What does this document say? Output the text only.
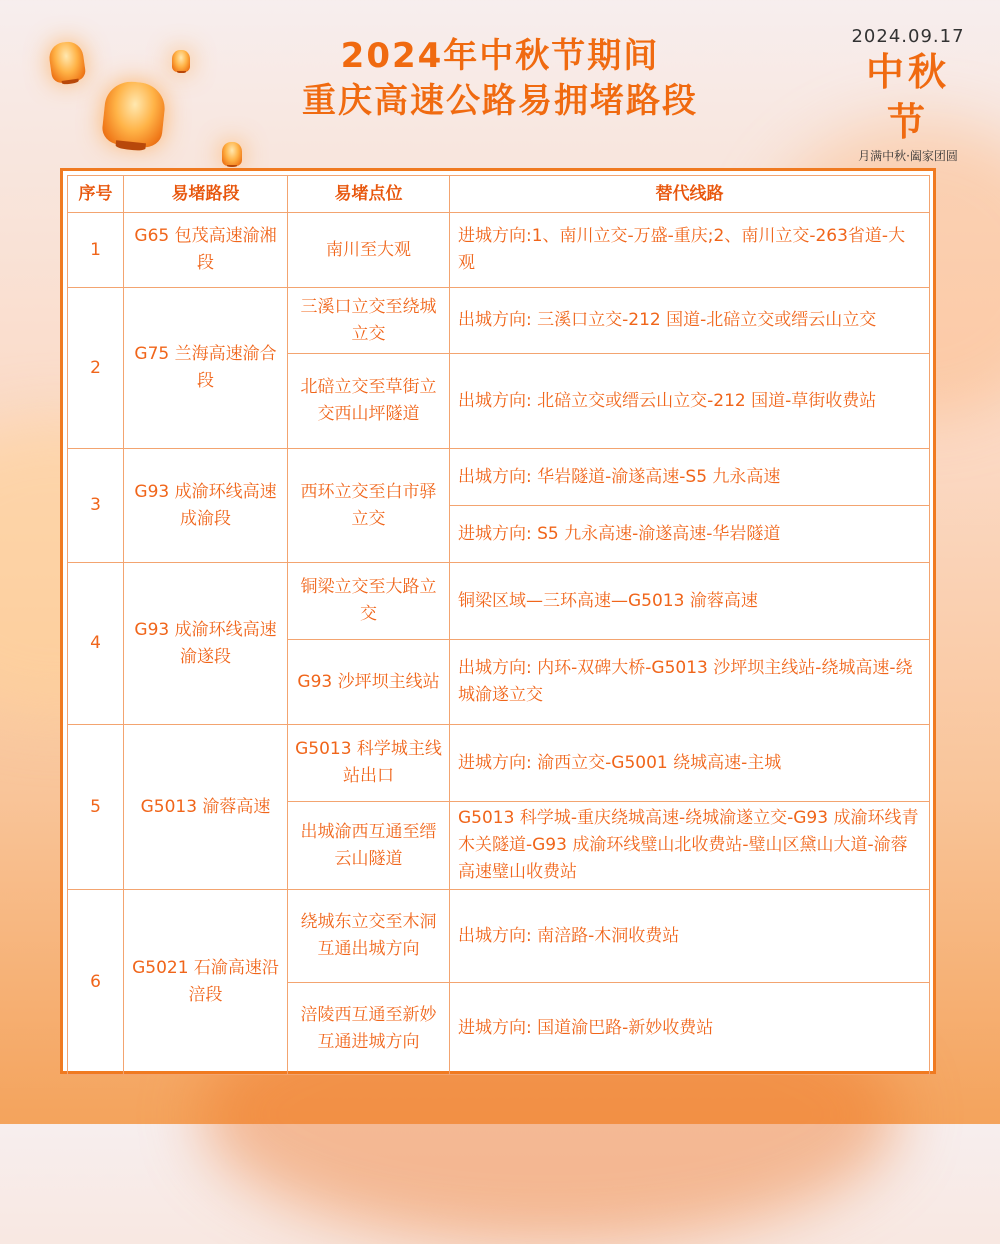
2024年中秋节期间
重庆高速公路易拥堵路段
2024.09.17
中秋节
月满中秋·阖家团圆
序号	易堵路段	易堵点位	替代线路
1	G65 包茂高速渝湘段	南川至大观	进城方向:1、南川立交-万盛-重庆;2、南川立交-263省道-大观
2	G75 兰海高速渝合段	三溪口立交至绕城立交	出城方向: 三溪口立交-212 国道-北碚立交或缙云山立交
		北碚立交至草街立交西山坪隧道	出城方向: 北碚立交或缙云山立交-212 国道-草街收费站
3	G93 成渝环线高速成渝段	西环立交至白市驿立交	出城方向: 华岩隧道-渝遂高速-S5 九永高速
			进城方向: S5 九永高速-渝遂高速-华岩隧道
4	G93 成渝环线高速渝遂段	铜梁立交至大路立交	铜梁区域—三环高速—G5013 渝蓉高速
		G93 沙坪坝主线站	出城方向: 内环-双碑大桥-G5013 沙坪坝主线站-绕城高速-绕城渝遂立交
5	G5013 渝蓉高速	G5013 科学城主线站出口	进城方向: 渝西立交-G5001 绕城高速-主城
		出城渝西互通至缙云山隧道	G5013 科学城-重庆绕城高速-绕城渝遂立交-G93 成渝环线青木关隧道-G93 成渝环线璧山北收费站-璧山区黛山大道-渝蓉高速璧山收费站
6	G5021 石渝高速沿涪段	绕城东立交至木洞互通出城方向	出城方向: 南涪路-木洞收费站
		涪陵西互通至新妙互通进城方向	进城方向: 国道渝巴路-新妙收费站
